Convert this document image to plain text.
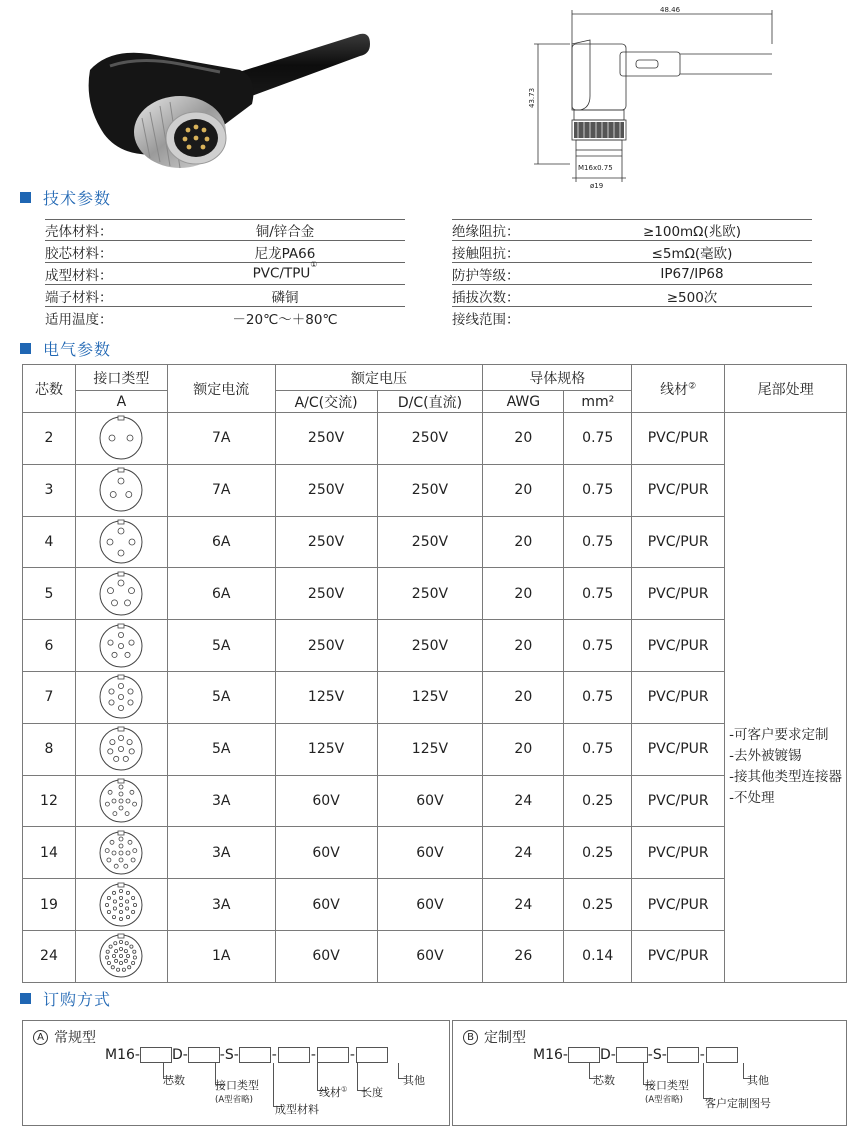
48.46
43.73
M16x0.75
ø19
技术参数
壳体材料：	铜/锌合金
胶芯材料：	尼龙PA66
成型材料：	PVC/TPU①
端子材料：	磷铜
适用温度：	－20℃～＋80℃
绝缘阻抗：	≥100mΩ(兆欧)
接触阻抗：	≤5mΩ(毫欧)
防护等级：	IP67/IP68
插拔次数：	≥500次
接线范围：
电气参数
芯数	接口类型	额定电流	额定电压		导体规格		线材②	尾部处理
	A		A/C(交流)	D/C(直流)	AWG	mm²		
2		7A	250V	250V	20	0.75	PVC/PUR	-可客户要求定制
-去外被镀锡
-接其他类型连接器
-不处理

3		7A	250V	250V	20	0.75	PVC/PUR	
4		6A	250V	250V	20	0.75	PVC/PUR	
5		6A	250V	250V	20	0.75	PVC/PUR	
6		5A	250V	250V	20	0.75	PVC/PUR	
7		5A	125V	125V	20	0.75	PVC/PUR	
8		5A	125V	125V	20	0.75	PVC/PUR	
12		3A	60V	60V	24	0.25	PVC/PUR	
14		3A	60V	60V	24	0.25	PVC/PUR	
19		3A	60V	60V	24	0.25	PVC/PUR	
24		1A	60V	60V	26	0.14	PVC/PUR	
订购方式
A 常规型
M16- D- -S- - - -
芯数	接口类型
(A型省略)
成型材料
线材① 长度
其他
B 定制型
M16- D- -S- -
芯数	接口类型
(A型省略)	客户定制图号
其他
